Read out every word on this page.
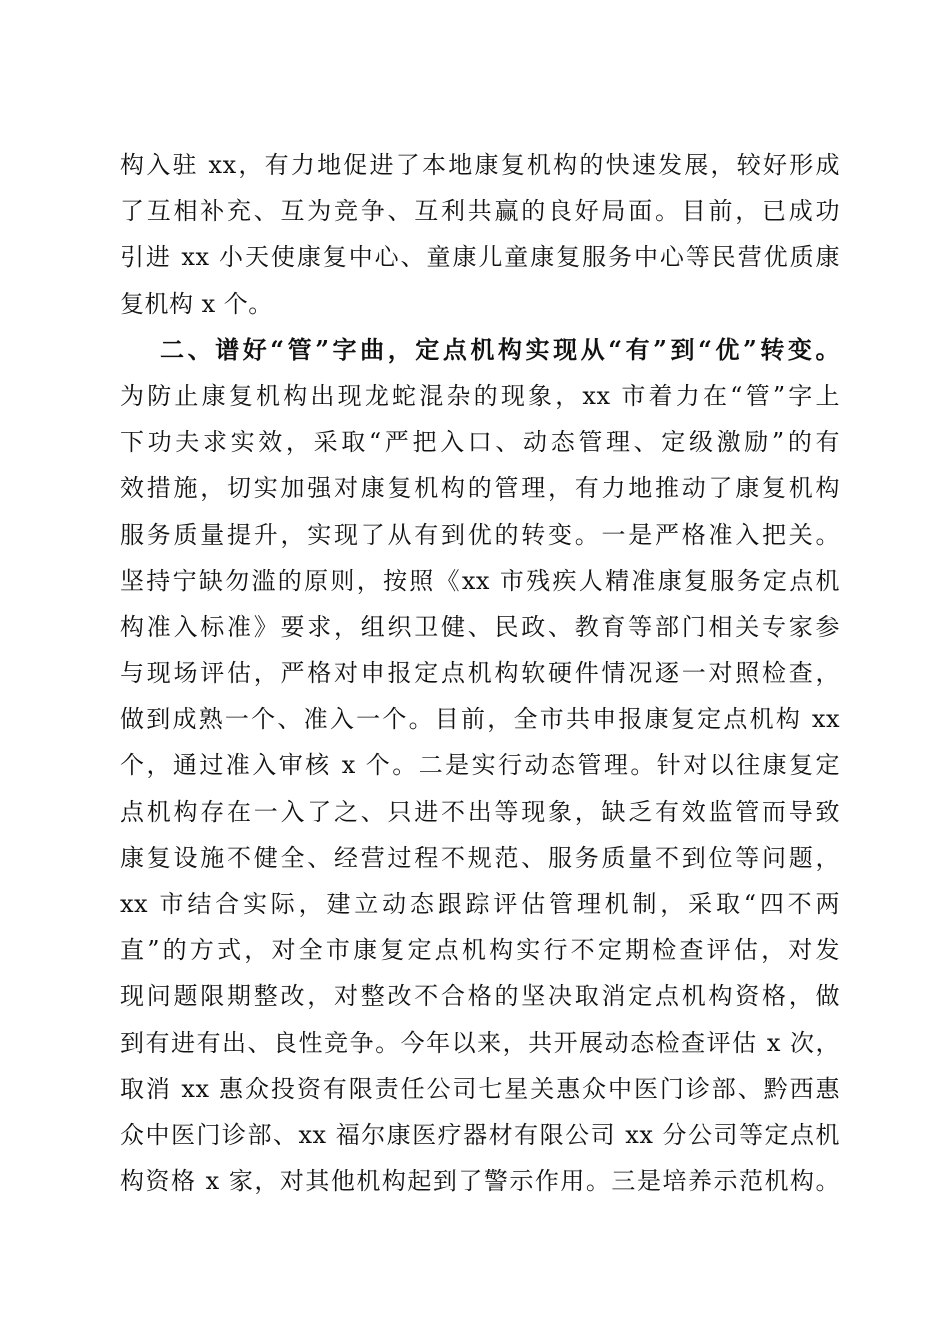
构入驻 xx，有力地促进了本地康复机构的快速发展，较好形成
了互相补充、互为竞争、互利共赢的良好局面。目前，已成功
引进 xx 小天使康复中心、童康儿童康复服务中心等民营优质康
复机构 x 个。
二、谱好“管”字曲，定点机构实现从“有”到“优”转变。
为防止康复机构出现龙蛇混杂的现象，xx 市着力在“管”字上
下功夫求实效，采取“严把入口、动态管理、定级激励”的有
效措施，切实加强对康复机构的管理，有力地推动了康复机构
服务质量提升，实现了从有到优的转变。一是严格准入把关。
坚持宁缺勿滥的原则，按照《xx 市残疾人精准康复服务定点机
构准入标准》要求，组织卫健、民政、教育等部门相关专家参
与现场评估，严格对申报定点机构软硬件情况逐一对照检查，
做到成熟一个、准入一个。目前，全市共申报康复定点机构 xx
个，通过准入审核 x 个。二是实行动态管理。针对以往康复定
点机构存在一入了之、只进不出等现象，缺乏有效监管而导致
康复设施不健全、经营过程不规范、服务质量不到位等问题，
xx 市结合实际，建立动态跟踪评估管理机制，采取“四不两
直”的方式，对全市康复定点机构实行不定期检查评估，对发
现问题限期整改，对整改不合格的坚决取消定点机构资格，做
到有进有出、良性竞争。今年以来，共开展动态检查评估 x 次，
取消 xx 惠众投资有限责任公司七星关惠众中医门诊部、黔西惠
众中医门诊部、xx 福尔康医疗器材有限公司 xx 分公司等定点机
构资格 x 家，对其他机构起到了警示作用。三是培养示范机构。
